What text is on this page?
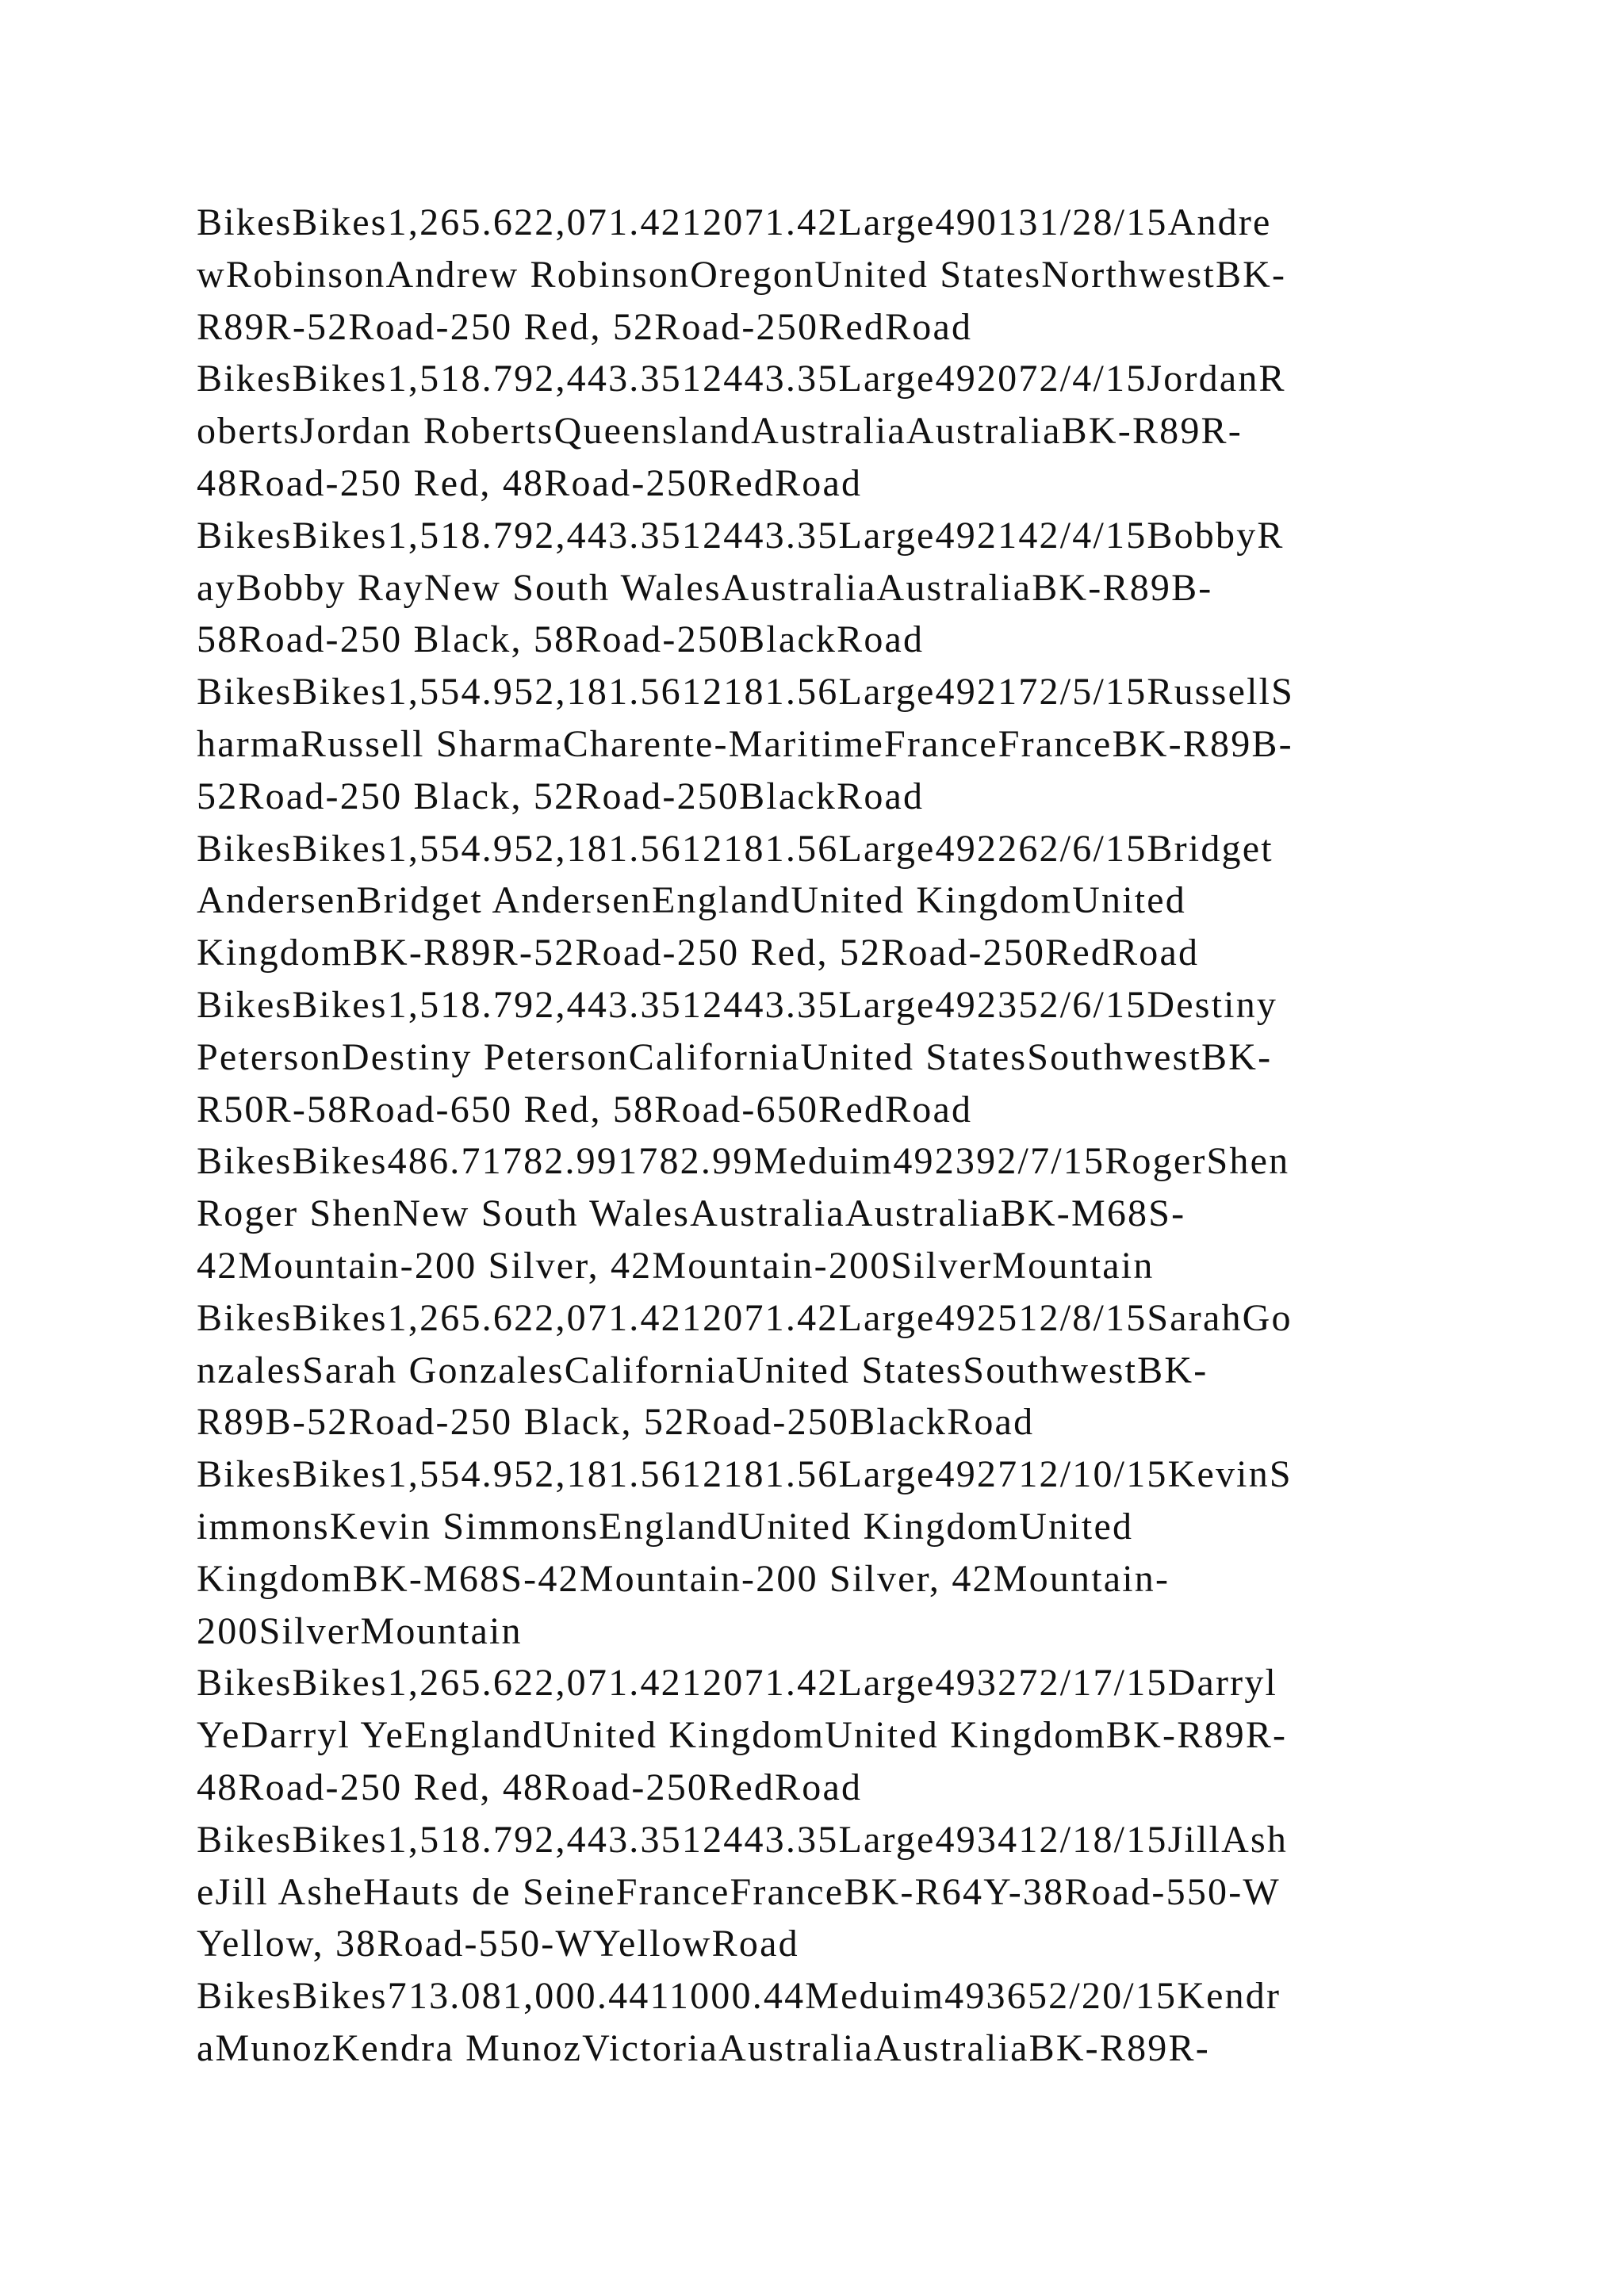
BikesBikes1,265.622,071.4212071.42Large490131/28/15Andre
wRobinsonAndrew RobinsonOregonUnited StatesNorthwestBK-
R89R-52Road-250 Red, 52Road-250RedRoad
BikesBikes1,518.792,443.3512443.35Large492072/4/15JordanR
obertsJordan RobertsQueenslandAustraliaAustraliaBK-R89R-
48Road-250 Red, 48Road-250RedRoad
BikesBikes1,518.792,443.3512443.35Large492142/4/15BobbyR
ayBobby RayNew South WalesAustraliaAustraliaBK-R89B-
58Road-250 Black, 58Road-250BlackRoad
BikesBikes1,554.952,181.5612181.56Large492172/5/15RussellS
harmaRussell SharmaCharente-MaritimeFranceFranceBK-R89B-
52Road-250 Black, 52Road-250BlackRoad
BikesBikes1,554.952,181.5612181.56Large492262/6/15Bridget
AndersenBridget AndersenEnglandUnited KingdomUnited
KingdomBK-R89R-52Road-250 Red, 52Road-250RedRoad
BikesBikes1,518.792,443.3512443.35Large492352/6/15Destiny
PetersonDestiny PetersonCaliforniaUnited StatesSouthwestBK-
R50R-58Road-650 Red, 58Road-650RedRoad
BikesBikes486.71782.991782.99Meduim492392/7/15RogerShen
Roger ShenNew South WalesAustraliaAustraliaBK-M68S-
42Mountain-200 Silver, 42Mountain-200SilverMountain
BikesBikes1,265.622,071.4212071.42Large492512/8/15SarahGo
nzalesSarah GonzalesCaliforniaUnited StatesSouthwestBK-
R89B-52Road-250 Black, 52Road-250BlackRoad
BikesBikes1,554.952,181.5612181.56Large492712/10/15KevinS
immonsKevin SimmonsEnglandUnited KingdomUnited
KingdomBK-M68S-42Mountain-200 Silver, 42Mountain-
200SilverMountain
BikesBikes1,265.622,071.4212071.42Large493272/17/15Darryl
YeDarryl YeEnglandUnited KingdomUnited KingdomBK-R89R-
48Road-250 Red, 48Road-250RedRoad
BikesBikes1,518.792,443.3512443.35Large493412/18/15JillAsh
eJill AsheHauts de SeineFranceFranceBK-R64Y-38Road-550-W
Yellow, 38Road-550-WYellowRoad
BikesBikes713.081,000.4411000.44Meduim493652/20/15Kendr
aMunozKendra MunozVictoriaAustraliaAustraliaBK-R89R-
